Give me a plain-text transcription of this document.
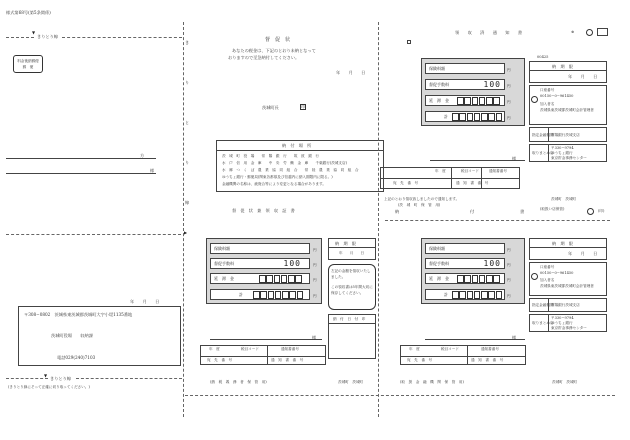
様式第68号(第5条関係)
きりとり線
料金後納郵便
郵　便
方
様
年　　月　　日
〒308−0802　茨城県東茨城郡茨城町大字小堤1135番地
茨城町役場　　収納課
電話029(240)7103
きりとり線
(きりとり線にそって正確に切り取ってください。)
▼
▼
き
り
と
り
線
▶
督　促　状
あなたの税金は、下記のとおり未納となって
おりますので至急納付してください。
年　　月　　日
茨城町長	印
納　付　場　所
茨　城　町　役　場　　常　陽　銀　行　　筑　波　銀　行
水　戸　信　用　金　庫　　中　央　労　働　金　庫　　千葉銀行(茨城支店)
水　郷　つ　く　ば　農　業　協　同　組　合　　常　陸　農　業　協　同　組　合
ゆうちょ銀行・郵便局(関東各都県及び信越内に納入期限内に限る。)
金融機関の名称は、統廃合等により変更となる場合があります。
督　促　状　兼　領　収　証　書
領　　収　　済　　通　　知　　書	⊗
保険料額	円
督促手数料	100 円
延　滞　金	円
計	円
00425
納　期　限
年　　月　　日
口座番号
00150−0−961450
加入者名
茨城県東茨城郡茨城町会計管理者
指定金融機関
常陽銀行茨城支店
取りまとめ店
〒330−9794
ゆうちょ銀行
東京貯金事務センター
様
年　度	税目コード	通知書番号
宛　先　番　号	通　知　書　番　号
上記のとおり領収致しましたので通知します。
(茨　城　町　保　管　用)
茨城町　茨城町
(取扱い店保管)
納	付	書	(印)
保険料額	円
督促手数料	100	円
延　滞　金	円
計	円
納　期　限
年　　月　　日
左記の金額を領収いたし
ました。
この領収書は5年間大切に
保存してください。
納　付　日　付　印
様
年　度	税目コード	通知書番号
宛　先　番　号	通　知　書　番　号
(納　税　義　務　者　保　管　用)	茨城町　茨城町
保険料額	円
督促手数料	100 円
延　滞　金	円
計	円
納　期　限
年　　月　　日
口座番号
00150−0−961450
加入者名
茨城県東茨城郡茨城町会計管理者
指定金融機関
常陽銀行茨城支店
取りまとめ店
〒330−9794
ゆうちょ銀行
東京貯金事務センター
様
年　度	税目コード	通知書番号
宛　先　番　号	通　知　書　番　号
(取　扱　金　融　機　関　保　管　用)	茨城町　茨城町
